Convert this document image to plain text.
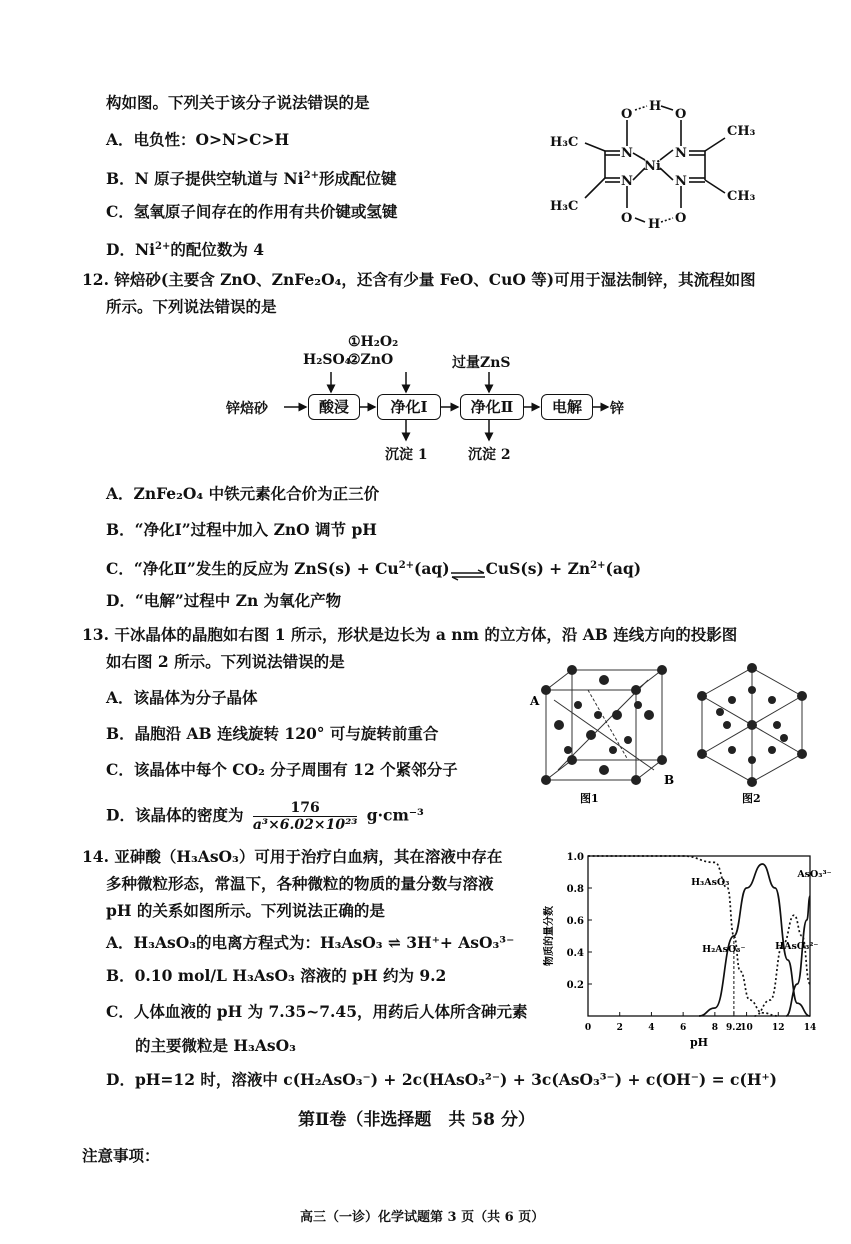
构如图。下列关于该分子说法错误的是
A．电负性：O>N>C>H
B．N 原子提供空轨道与 $Ni^{2+}$形成配位键
C．氢氧原子间存在的作用有共价键或氢键
D．$Ni^{2+}$的配位数为 4
H₃C
H₃C
CH₃
CH₃
N
N
N
N
Ni
O	O
O	O
H
H
12. 锌焙砂(主要含 ZnO、ZnFe₂O₄，还含有少量 FeO、CuO 等)可用于湿法制锌，其流程如图
所示。下列说法错误的是
①H₂O₂
②ZnO
H₂SO₄	过量ZnS
锌焙砂	酸浸	净化Ⅰ	净化Ⅱ	电解	锌
沉淀 1	沉淀 2
A．ZnFe₂O₄ 中铁元素化合价为正三价
B．“净化Ⅰ”过程中加入 ZnO 调节 pH
C．“净化Ⅱ”发生的反应为 $ZnS(s) + Cu^{2+}(aq)\rightleftharpoons CuS(s) + Zn^{2+}(aq)$
D．“电解”过程中 Zn 为氧化产物
13. 干冰晶体的晶胞如右图 1 所示，形状是边长为 a nm 的立方体，沿 AB 连线方向的投影图
如右图 2 所示。下列说法错误的是
A．该晶体为分子晶体
B．晶胞沿 AB 连线旋转 120° 可与旋转前重合
C．该晶体中每个 CO₂ 分子周围有 12 个紧邻分子
D．该晶体的密度为 $\frac{176}{\text{a³×6.02×10²³}} g\cdot cm^{-3}$
A
B
图1	图2
14. 亚砷酸（H₃AsO₃）可用于治疗白血病，其在溶液中存在
多种微粒形态，常温下，各种微粒的物质的量分数与溶液
pH 的关系如图所示。下列说法正确的是
A．H₃AsO₃的电离方程式为：H₃AsO₃ ⇌ 3H⁺+ AsO₃³⁻
B．0.10 mol/L H₃AsO₃ 溶液的 pH 约为 9.2
C．人体血液的 pH 为 7.35~7.45，用药后人体所含砷元素
的主要微粒是 H₃AsO₃
D．pH=12 时，溶液中 c(H₂AsO₃⁻) + 2c(HAsO₃²⁻) + 3c(AsO₃³⁻) + c(OH⁻) = c(H⁺)
0.2
0.4
0.6
0.8
1.0
0	2	4	6	8 9.2
10 12 14
pH
物质的量分数
H₃AsO₃
H₂AsO₃⁻	HAsO₃²⁻
AsO₃³⁻
第Ⅱ卷（非选择题　共 58 分）
注意事项：
高三（一诊）化学试题第 3 页（共 6 页）
